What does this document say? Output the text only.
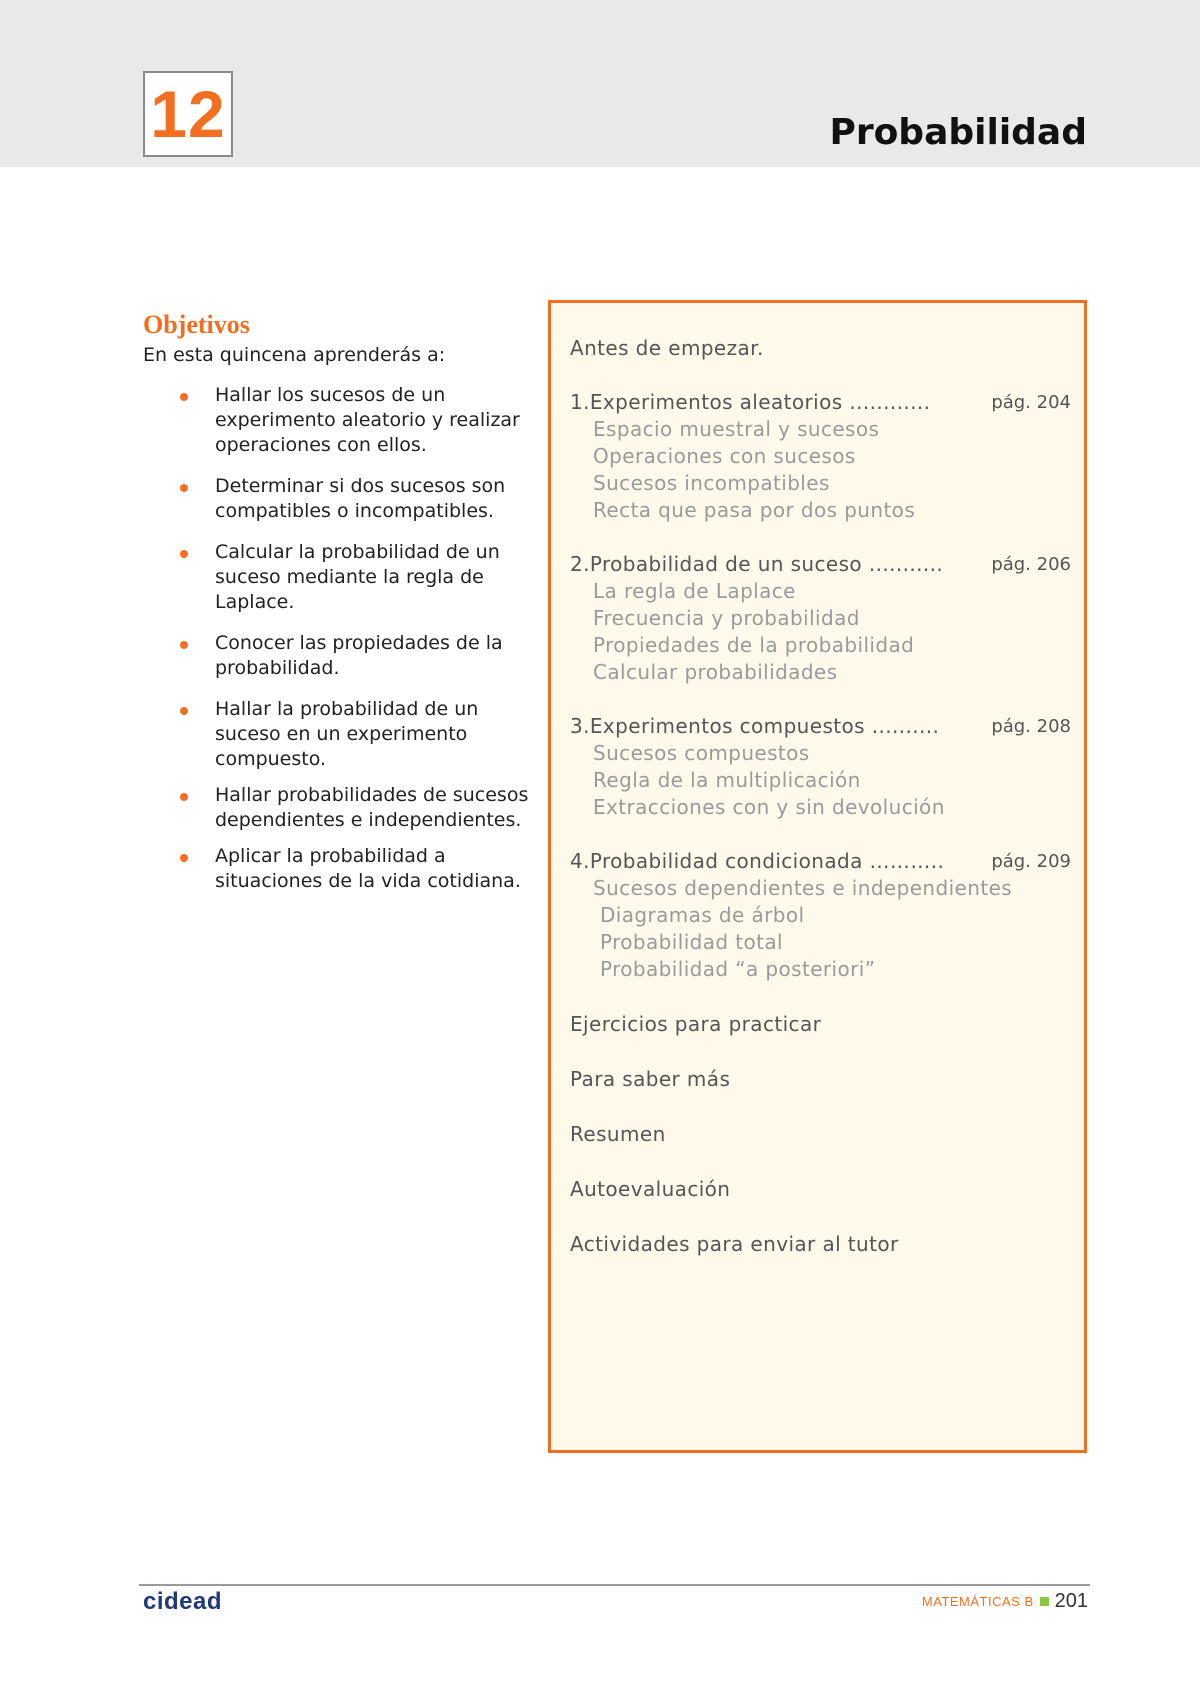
12	Probabilidad
Objetivos
En esta quincena aprenderás a:
Hallar los sucesos de un experimento aleatorio y realizar operaciones con ellos.
Determinar si dos sucesos son compatibles o incompatibles.
Calcular la probabilidad de un suceso mediante la regla de Laplace.
Conocer las propiedades de la probabilidad.
Hallar la probabilidad de un suceso en un experimento compuesto.
Hallar probabilidades de sucesos dependientes e independientes.
Aplicar la probabilidad a situaciones de la vida cotidiana.
Antes de empezar.
1.Experimentos aleatorios ............	pág. 204
Espacio muestral y sucesos
Operaciones con sucesos
Sucesos incompatibles
Recta que pasa por dos puntos
2.Probabilidad de un suceso ...........	pág. 206
La regla de Laplace
Frecuencia y probabilidad
Propiedades de la probabilidad
Calcular probabilidades
3.Experimentos compuestos ..........	pág. 208
Sucesos compuestos
Regla de la multiplicación
Extracciones con y sin devolución
4.Probabilidad condicionada ………..	pág. 209
Sucesos dependientes e independientes
Diagramas de árbol
Probabilidad total
Probabilidad “a posteriori”
Ejercicios para practicar
Para saber más
Resumen
Autoevaluación
Actividades para enviar al tutor
cidead	MATEMÁTICAS B 201
